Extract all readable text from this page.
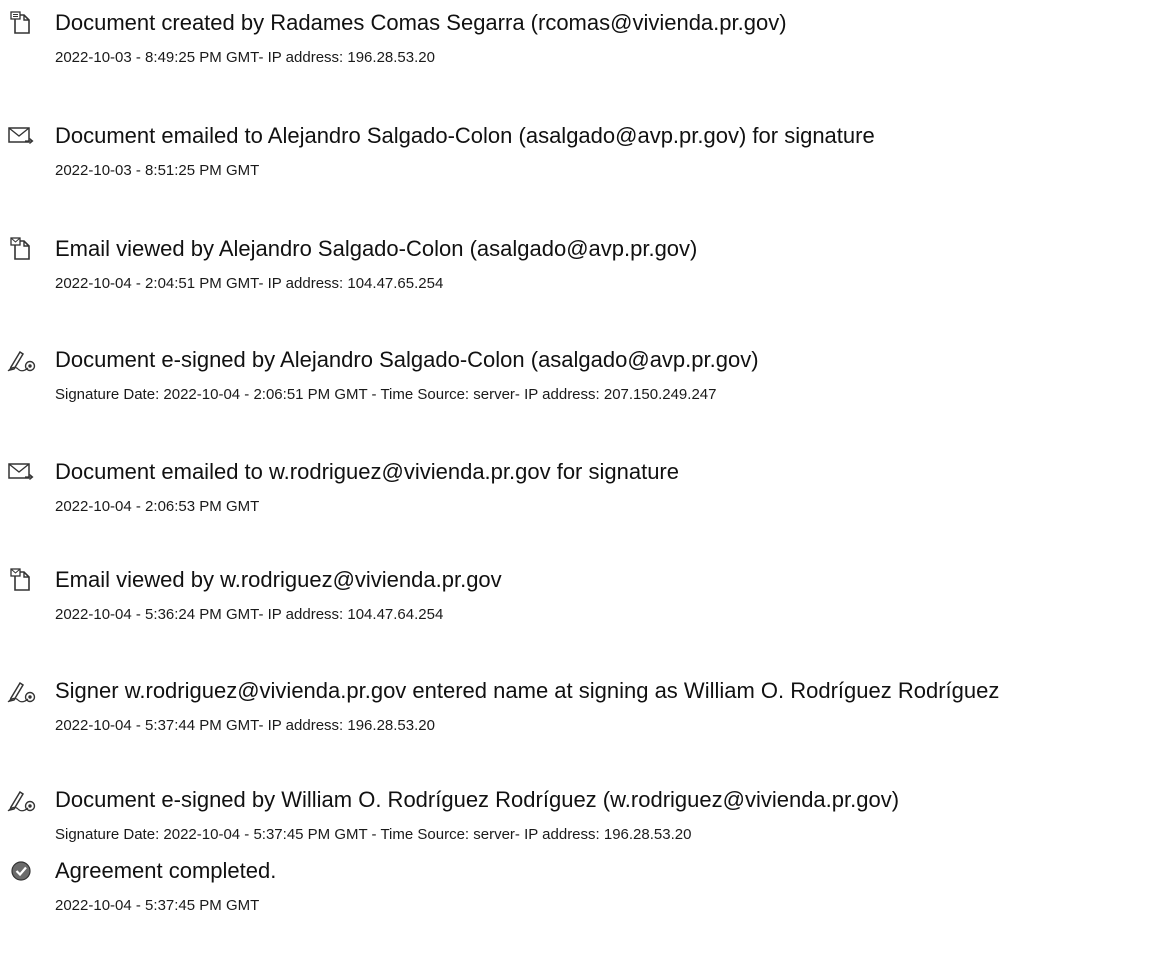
Document created by Radames Comas Segarra (rcomas@vivienda.pr.gov)
2022-10-03 - 8:49:25 PM GMT- IP address: 196.28.53.20
Document emailed to Alejandro Salgado-Colon (asalgado@avp.pr.gov) for signature
2022-10-03 - 8:51:25 PM GMT
Email viewed by Alejandro Salgado-Colon (asalgado@avp.pr.gov)
2022-10-04 - 2:04:51 PM GMT- IP address: 104.47.65.254
Document e-signed by Alejandro Salgado-Colon (asalgado@avp.pr.gov)
Signature Date: 2022-10-04 - 2:06:51 PM GMT - Time Source: server- IP address: 207.150.249.247
Document emailed to w.rodriguez@vivienda.pr.gov for signature
2022-10-04 - 2:06:53 PM GMT
Email viewed by w.rodriguez@vivienda.pr.gov
2022-10-04 - 5:36:24 PM GMT- IP address: 104.47.64.254
Signer w.rodriguez@vivienda.pr.gov entered name at signing as William O. Rodríguez Rodríguez
2022-10-04 - 5:37:44 PM GMT- IP address: 196.28.53.20
Document e-signed by William O. Rodríguez Rodríguez (w.rodriguez@vivienda.pr.gov)
Signature Date: 2022-10-04 - 5:37:45 PM GMT - Time Source: server- IP address: 196.28.53.20
Agreement completed.
2022-10-04 - 5:37:45 PM GMT
